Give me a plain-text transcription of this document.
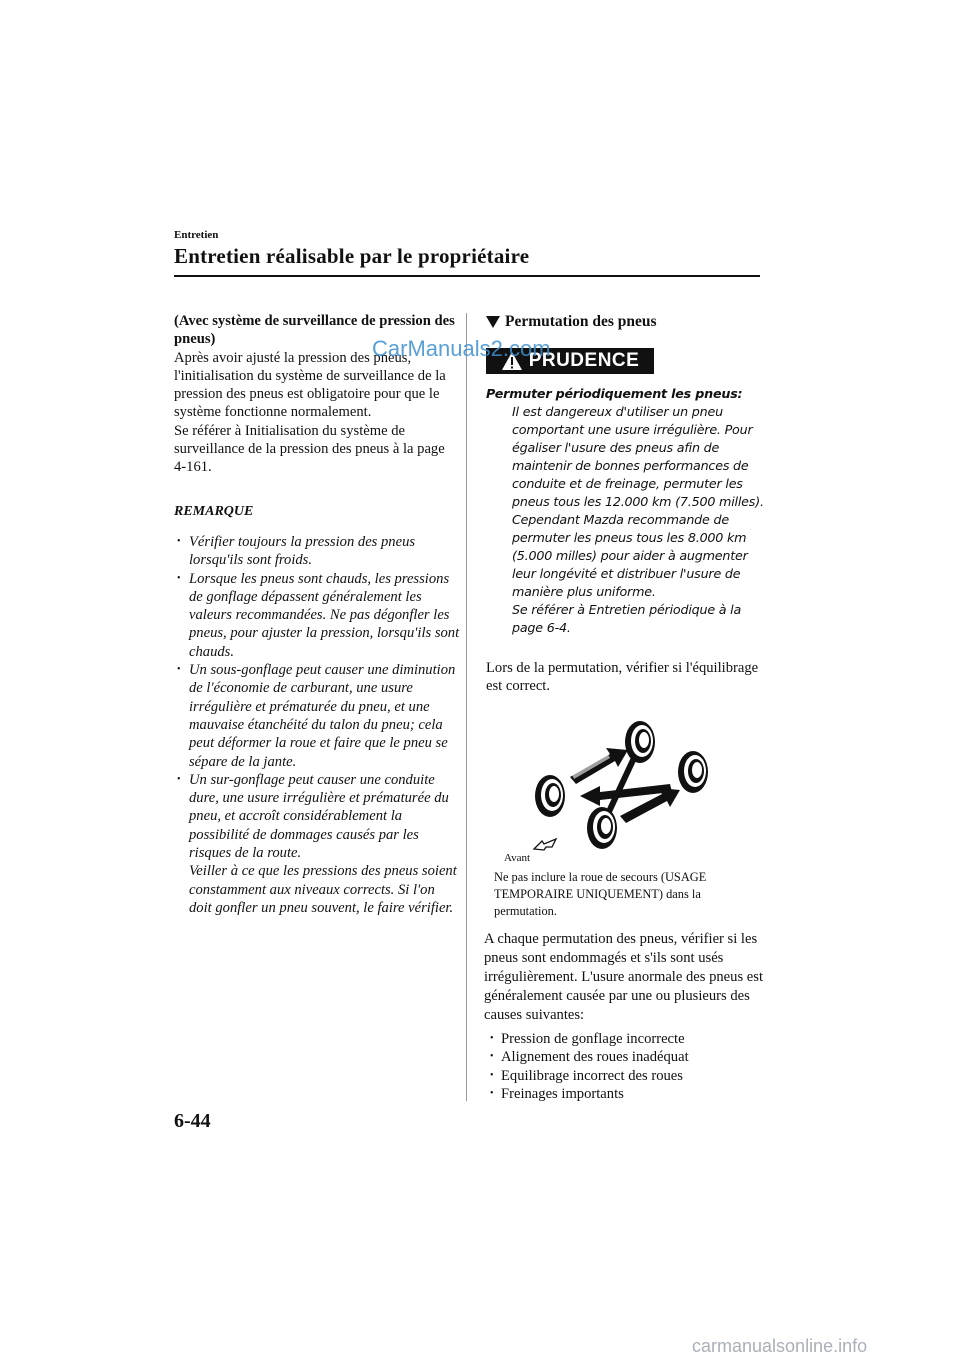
Entretien
Entretien réalisable par le propriétaire

(Avec système de surveillance de pression des pneus)

Après avoir ajusté la pression des pneus, l'initialisation du système de surveillance de la pression des pneus est obligatoire pour que le système fonctionne normalement.

Se référer à Initialisation du système de surveillance de la pression des pneus à la page 4-161.

REMARQUE
• Vérifier toujours la pression des pneus lorsqu'ils sont froids.
• Lorsque les pneus sont chauds, les pressions de gonflage dépassent généralement les valeurs recommandées. Ne pas dégonfler les pneus, pour ajuster la pression, lorsqu'ils sont chauds.
• Un sous-gonflage peut causer une diminution de l'économie de carburant, une usure irrégulière et prématurée du pneu, et une mauvaise étanchéité du talon du pneu; cela peut déformer la roue et faire que le pneu se sépare de la jante.
• Un sur-gonflage peut causer une conduite dure, une usure irrégulière et prématurée du pneu, et accroît considérablement la possibilité de dommages causés par les risques de la route.

Veiller à ce que les pressions des pneus soient constamment aux niveaux corrects. Si l'on doit gonfler un pneu souvent, le faire vérifier.

Permutation des pneus
PRUDENCE
CarManuals2.com
Permuter périodiquement les pneus:
Il est dangereux d'utiliser un pneu comportant une usure irrégulière. Pour égaliser l'usure des pneus afin de maintenir de bonnes performances de conduite et de freinage, permuter les pneus tous les 12.000 km (7.500 milles). Cependant Mazda recommande de permuter les pneus tous les 8.000 km (5.000 milles) pour aider à augmenter leur longévité et distribuer l'usure de manière plus uniforme.
Se référer à Entretien périodique à la page 6-4.
Lors de la permutation, vérifier si l'équilibrage est correct.
Avant
Ne pas inclure la roue de secours (USAGE TEMPORAIRE UNIQUEMENT) dans la permutation.
A chaque permutation des pneus, vérifier si les pneus sont endommagés et s'ils sont usés irrégulièrement. L'usure anormale des pneus est généralement causée par une ou plusieurs des causes suivantes:
• Pression de gonflage incorrecte
• Alignement des roues inadéquat
• Equilibrage incorrect des roues
• Freinages importants
6-44
carmanualsonline.info
